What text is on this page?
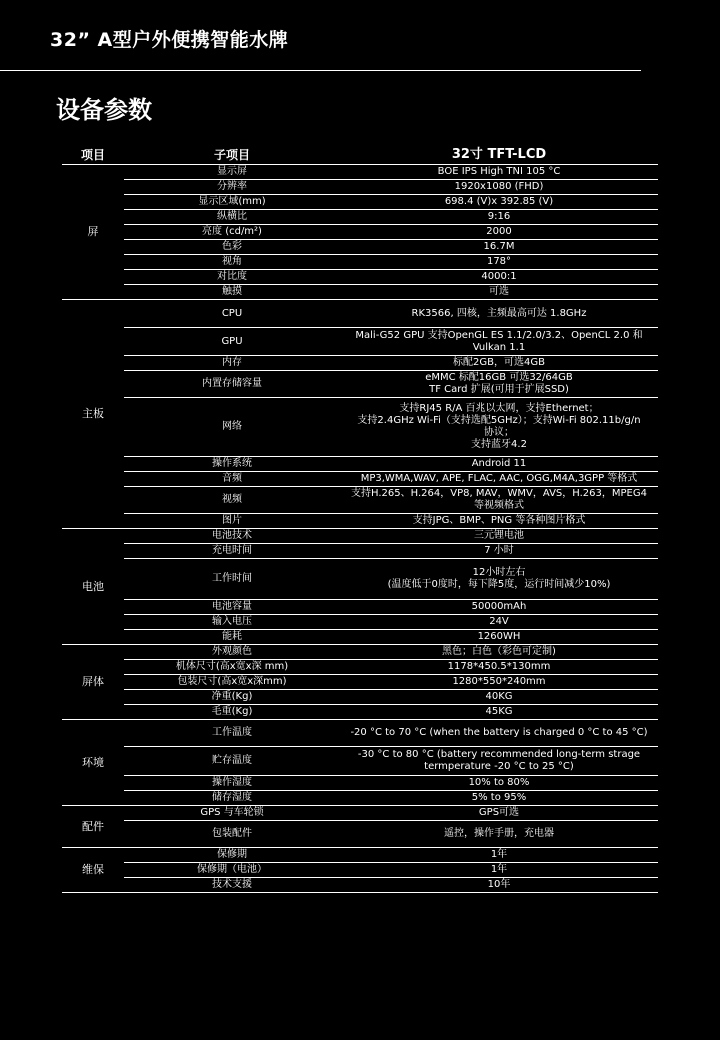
32” A型户外便携智能水牌
设备参数
项目	子项目	32寸 TFT-LCD
屏	显示屏	BOE IPS High TNI 105 °C
	分辨率	1920x1080 (FHD)
	显示区域(mm)	698.4 (V)x 392.85 (V)
	纵横比	9:16
	亮度 (cd/m²)	2000
	色彩	16.7M
	视角	178°
	对比度	4000:1
	触摸	可选
主板	CPU	RK3566, 四核，主频最高可达 1.8GHz
	GPU	Mali-G52 GPU 支持OpenGL ES 1.1/2.0/3.2、OpenCL 2.0 和
Vulkan 1.1
	内存	标配2GB，可选4GB
	内置存储容量	eMMC 标配16GB 可选32/64GB
TF Card 扩展(可用于扩展SSD)
	网络	支持RJ45 R/A 百兆以太网，支持Ethernet；
支持2.4GHz Wi-Fi（支持选配5GHz）；支持Wi-Fi 802.11b/g/n
协议；
支持蓝牙4.2
	操作系统	Android 11
	音频	MP3,WMA,WAV, APE, FLAC, AAC, OGG,M4A,3GPP 等格式
	视频	支持H.265、H.264，VP8, MAV，WMV，AVS，H.263，MPEG4
等视频格式
	图片	支持JPG、BMP、PNG 等各种图片格式
电池	电池技术	三元锂电池
	充电时间	7 小时
	工作时间	12小时左右
(温度低于0度时，每下降5度，运行时间减少10%)
	电池容量	50000mAh
	输入电压	24V
	能耗	1260WH
屏体	外观颜色	黑色；白色（彩色可定制)
	机体尺寸(高x宽x深 mm)	1178*450.5*130mm
	包装尺寸(高x宽x深mm)	1280*550*240mm
	净重(Kg)	40KG
	毛重(Kg)	45KG
环境	工作温度	-20 °C to 70 °C (when the battery is charged 0 °C to 45 °C)
	贮存温度	-30 °C to 80 °C (battery recommended long-term strage
termperature -20 °C to 25 °C)
	操作湿度	10% to 80%
	储存湿度	5% to 95%
配件	GPS 与车轮锁	GPS可选
	包装配件	遥控，操作手册，充电器
维保	保修期	1年
	保修期（电池）	1年
	技术支援	10年
